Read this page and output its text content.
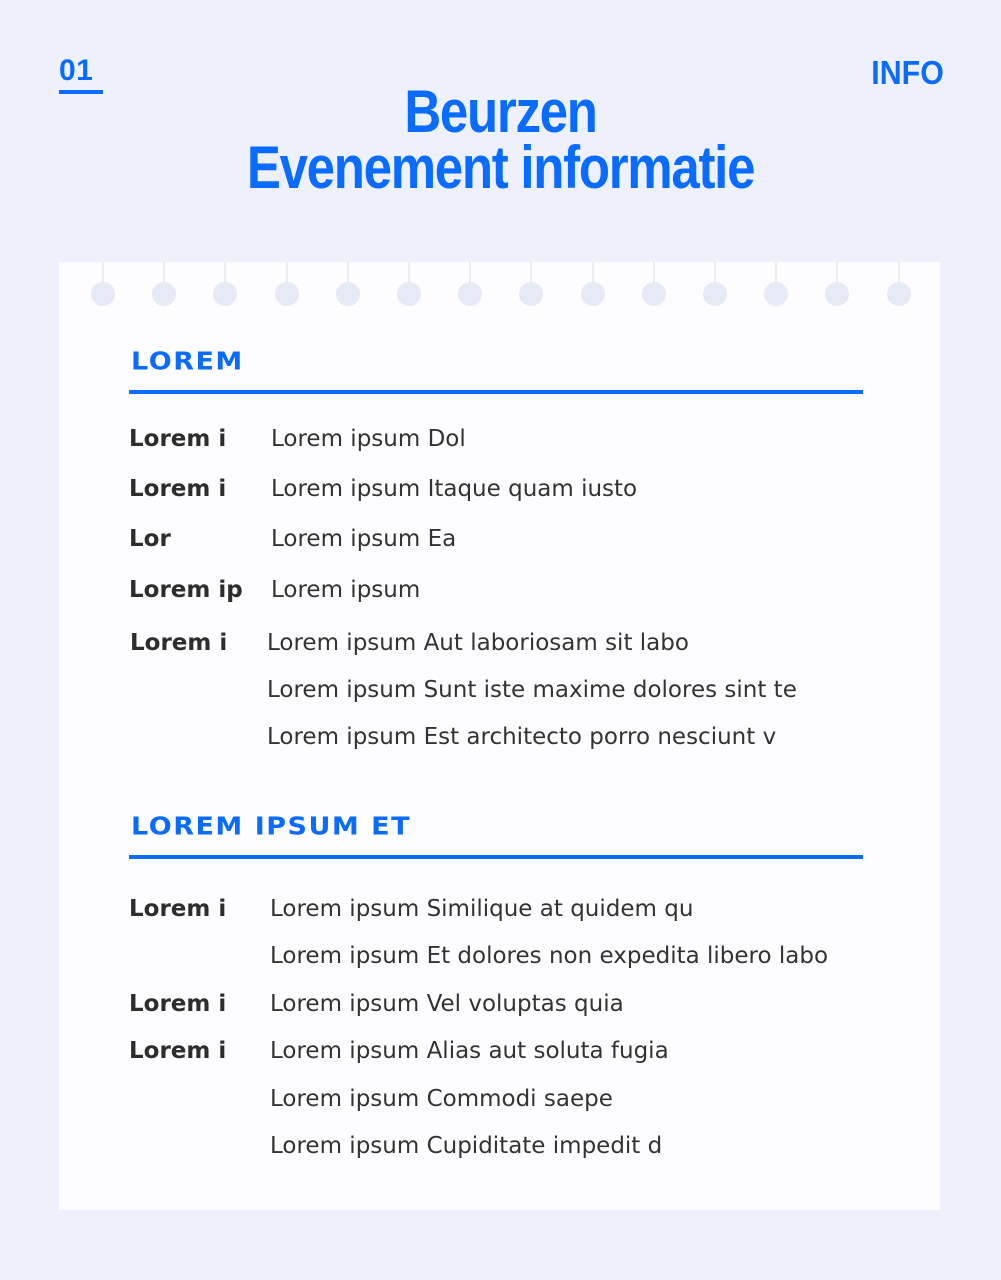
01	INFO
Beurzen
Evenement informatie
LOREM
Lorem i Lorem ipsum Dol
Lorem i Lorem ipsum Itaque quam iusto
Lor	Lorem ipsum Ea
Lorem ip Lorem ipsum
Lorem i Lorem ipsum Aut laboriosam sit labo
Lorem ipsum Sunt iste maxime dolores sint te
Lorem ipsum Est architecto porro nesciunt v
LOREM IPSUM ET
Lorem i Lorem ipsum Similique at quidem qu
Lorem ipsum Et dolores non expedita libero labo
Lorem i Lorem ipsum Vel voluptas quia
Lorem i Lorem ipsum Alias aut soluta fugia
Lorem ipsum Commodi saepe
Lorem ipsum Cupiditate impedit d
